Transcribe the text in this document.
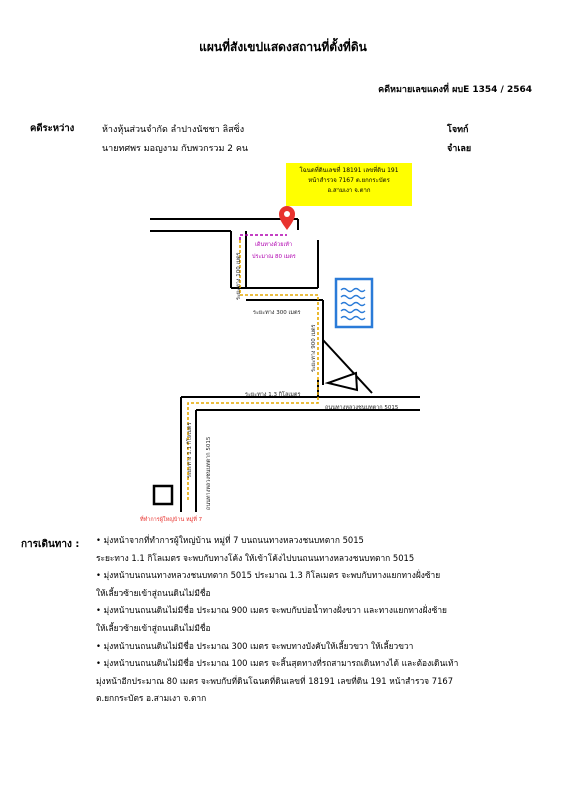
แผนที่สังเขปแสดงสถานที่ตั้งที่ดิน
คดีหมายเลขแดงที่ ผบE 1354 / 2564
คดีระหว่าง	ห้างหุ้นส่วนจำกัด ลำปางนัชชา ลิสซิ่ง	โจทก์
นายทศพร มอญงาม กับพวกรวม 2 คน	จำเลย
โฉนดที่ดินเลขที่ 18191 เลขที่ดิน 191
หน้าสำรวจ 7167 ต.ยกกระบัตร
อ.สามเงา จ.ตาก
เดินทางด้วยเท้า
ประมาณ 80 เมตร
ระยะทาง 100 เมตร
ระยะทาง 300 เมตร
ระยะทาง 900 เมตร
ระยะทาง 1.3 กิโลเมตร
ถนนทางหลวงชนบทตาก 5015
ระยะทาง 1.1 กิโลเมตร ถนนทางหลวงชนบทตาก 5015
ที่ทำการผู้ใหญ่บ้าน หมู่ที่ 7
การเดินทาง : • มุ่งหน้าจากที่ทำการผู้ใหญ่บ้าน หมู่ที่ 7 บนถนนทางหลวงชนบทตาก 5015
ระยะทาง 1.1 กิโลเมตร จะพบกับทางโค้ง ให้เข้าโค้งไปบนถนนทางหลวงชนบทตาก 5015
• มุ่งหน้าบนถนนทางหลวงชนบทตาก 5015 ประมาณ 1.3 กิโลเมตร จะพบกับทางแยกทางฝั่งซ้าย
ให้เลี้ยวซ้ายเข้าสู่ถนนดินไม่มีชื่อ
• มุ่งหน้าบนถนนดินไม่มีชื่อ ประมาณ 900 เมตร จะพบกับบ่อน้ำทางฝั่งขวา และทางแยกทางฝั่งซ้าย
ให้เลี้ยวซ้ายเข้าสู่ถนนดินไม่มีชื่อ
• มุ่งหน้าบนถนนดินไม่มีชื่อ ประมาณ 300 เมตร จะพบทางบังคับให้เลี้ยวขวา ให้เลี้ยวขวา
• มุ่งหน้าบนถนนดินไม่มีชื่อ ประมาณ 100 เมตร จะสิ้นสุดทางที่รถสามารถเดินทางได้ และต้องเดินเท้า
มุ่งหน้าอีกประมาณ 80 เมตร จะพบกับที่ดินโฉนดที่ดินเลขที่ 18191 เลขที่ดิน 191 หน้าสำรวจ 7167
ต.ยกกระบัตร อ.สามเงา จ.ตาก
